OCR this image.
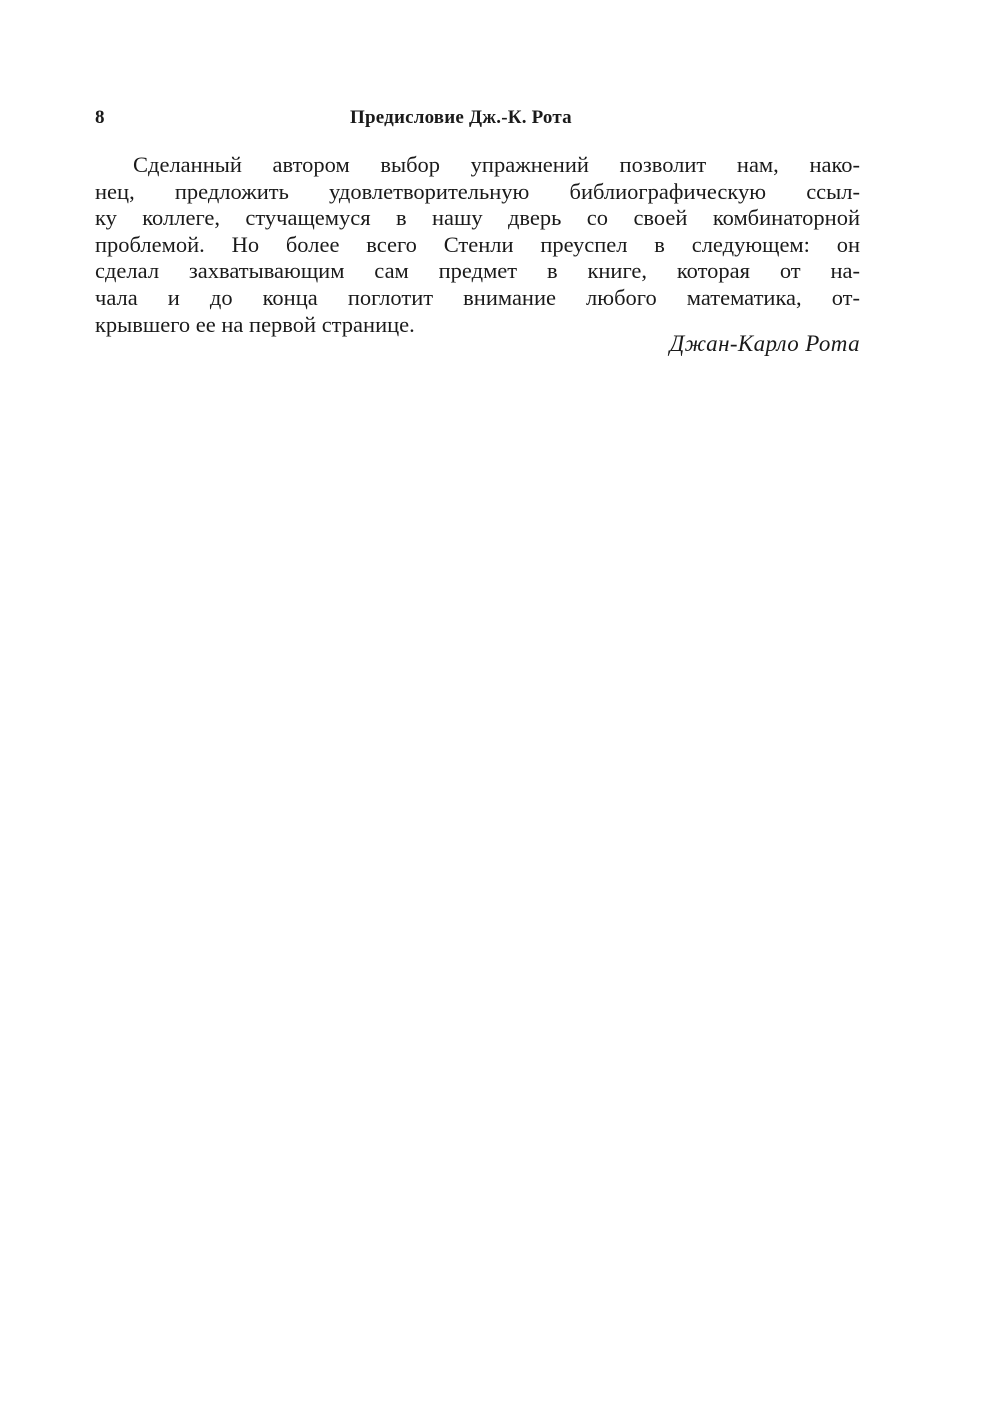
8	Предисловие Дж.-К. Рота
Сделанный автором выбор упражнений позволит нам, нако-
нец, предложить удовлетворительную библиографическую ссыл-
ку коллеге, стучащемуся в нашу дверь со своей комбинаторной
проблемой. Но более всего Стенли преуспел в следующем: он
сделал захватывающим сам предмет в книге, которая от на-
чала и до конца поглотит внимание любого математика, от-
крывшего ее на первой странице.
Джан-Карло Рота
